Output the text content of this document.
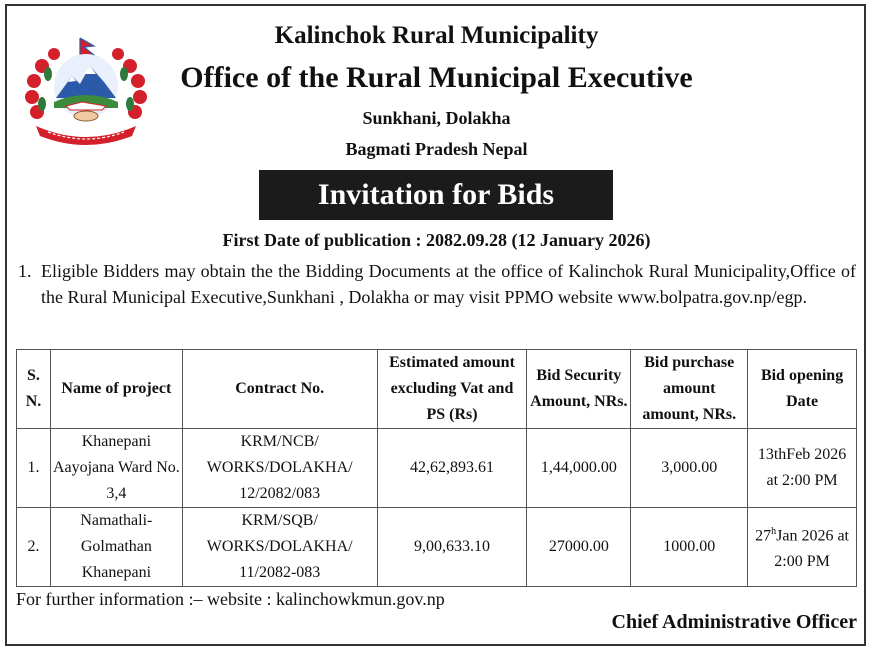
Kalinchok Rural Municipality
Office of the Rural Municipal Executive
Sunkhani, Dolakha
Bagmati Pradesh Nepal
Invitation for Bids
First Date of publication : 2082.09.28 (12 January 2026)
1. Eligible Bidders may obtain the the Bidding Documents at the office of Kalinchok Rural Municipality,Office of the Rural Municipal Executive,Sunkhani , Dolakha or may visit PPMO website www.bolpatra.gov.np/egp.
S. N.	Name of project	Contract No.	Estimated amount excluding Vat and PS (Rs)	Bid Security Amount, NRs.	Bid purchase amount amount, NRs.	Bid opening Date
1.	Khanepani Aayojana Ward No. 3,4	KRM/NCB/ WORKS/DOLAKHA/ 12/2082/083	42,62,893.61	1,44,000.00	3,000.00	13thFeb 2026 at 2:00 PM
2.	Namathali- Golmathan Khanepani	KRM/SQB/ WORKS/DOLAKHA/ 11/2082-083	9,00,633.10	27000.00	1000.00	27$^h$Jan 2026 at 2:00 PM
For further information :– website : kalinchowkmun.gov.np
Chief Administrative Officer
